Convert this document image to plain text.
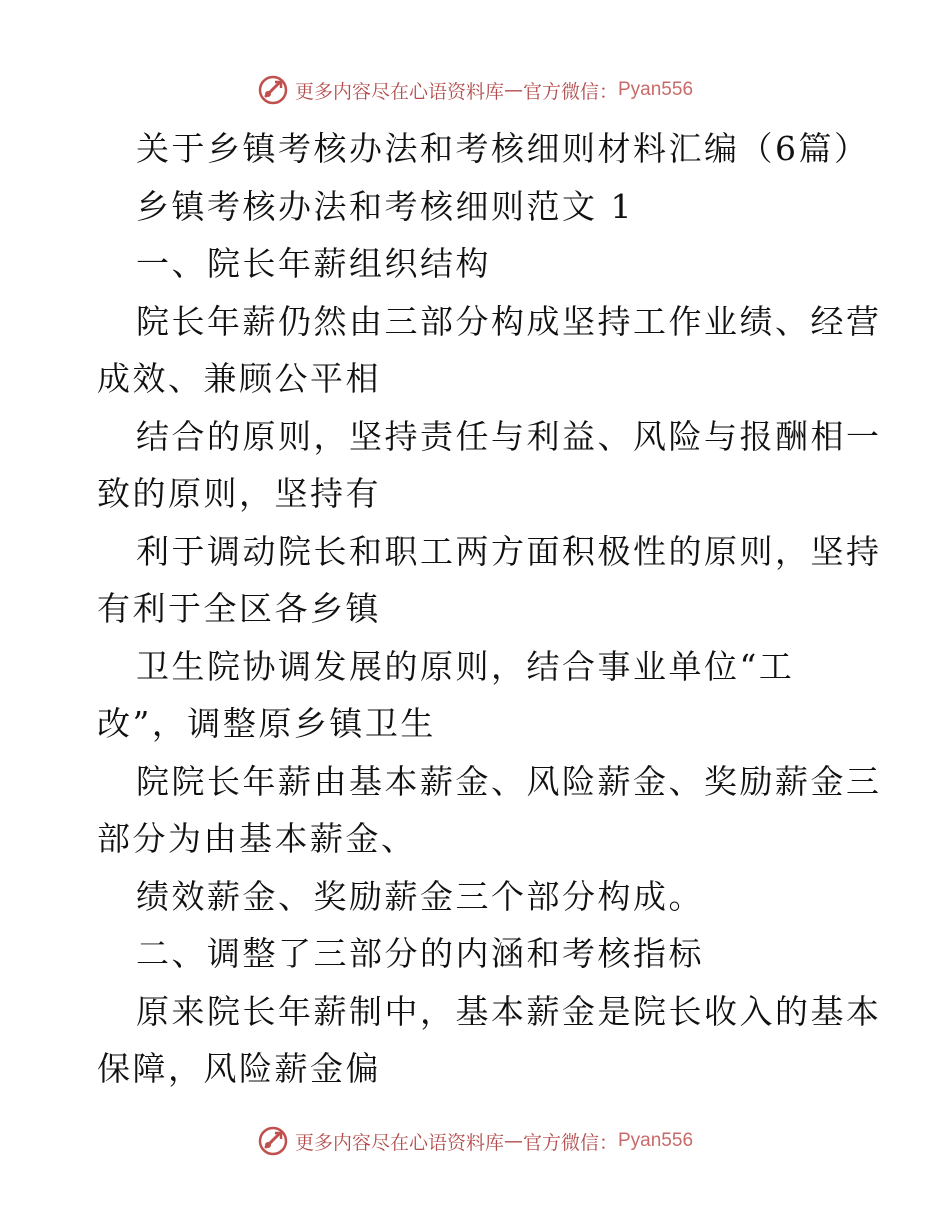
更多内容尽在心语资料库 — 官方微信： Pyan556
关于乡镇考核办法和考核细则材料汇编（6篇）
乡镇考核办法和考核细则范文 1
一、院长年薪组织结构
院长年薪仍然由三部分构成坚持工作业绩、经营
成效、兼顾公平相
结合的原则，坚持责任与利益、风险与报酬相一
致的原则，坚持有
利于调动院长和职工两方面积极性的原则，坚持
有利于全区各乡镇
卫生院协调发展的原则，结合事业单位“工
改”，调整原乡镇卫生
院院长年薪由基本薪金、风险薪金、奖励薪金三
部分为由基本薪金、
绩效薪金、奖励薪金三个部分构成。
二、调整了三部分的内涵和考核指标
原来院长年薪制中，基本薪金是院长收入的基本
保障，风险薪金偏
更多内容尽在心语资料库 — 官方微信： Pyan556
